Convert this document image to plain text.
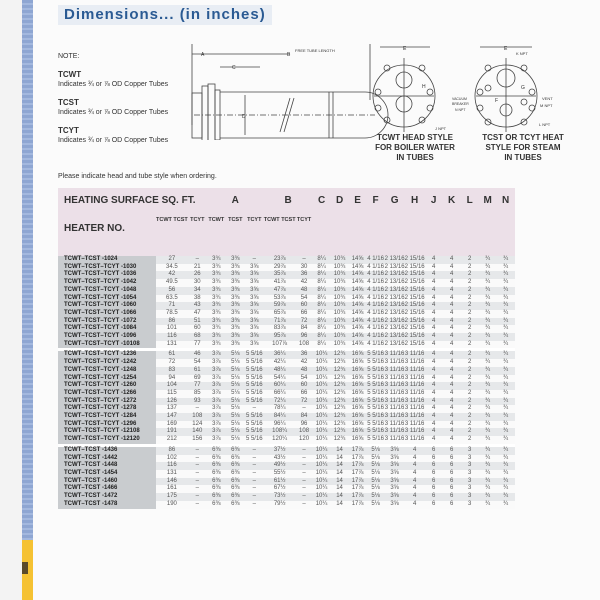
Dimensions... (in inches)
NOTE:
TCWT
Indicates ¾ or ⅞ OD Copper Tubes
TCST
Indicates ¾ or ⅞ OD Copper Tubes
TCYT
Indicates ¾ or ⅞ OD Copper Tubes
A
C
B
FREE TUBE LENGTH
D
E
H
J NPT
E
K NPT
G
F
VACUUM
BREAKER
N NPT
VENT
M NPT
L NPT
TCWT HEAD STYLE
FOR BOILER WATER
IN TUBES
TCST OR TCYT HEAT
STYLE FOR STEAM
IN TUBES
Please indicate head and tube style when ordering.
HEATING SURFACE SQ. FT.			A			B		C	D	E	F	G	H	J	K	L	M	N
HEATER NO.	TCWT TCST	TCYT	TCWT	TCST	TCYT	TCWT TCST	TCYT											
TCWT–TCST -1024	27	–	3¾	3⅜	–	23⅞	–	8¼	10¾	14⅝	4 1/16	2 13/16	2 15/16	4	4	2	¾	¾
TCWT–TCST–TCYT -1030	34.5	21	3¾	3⅜	3⅝	29⅞	30	8¼	10¾	14⅝	4 1/16	2 13/16	2 15/16	4	4	2	¾	¾
TCWT–TCST–TCYT -1036	42	26	3¾	3⅜	3⅝	35⅞	36	8¼	10¾	14⅝	4 1/16	2 13/16	2 15/16	4	4	2	¾	¾
TCWT–TCST–TCYT -1042	49.5	30	3¾	3⅜	3⅝	41⅞	42	8¼	10¾	14⅝	4 1/16	2 13/16	2 15/16	4	4	2	¾	¾
TCWT–TCST–TCYT -1048	56	34	3¾	3⅜	3⅝	47⅞	48	8¼	10¾	14⅝	4 1/16	2 13/16	2 15/16	4	4	2	¾	¾
TCWT–TCST–TCYT -1054	63.5	38	3¾	3⅜	3⅝	53⅞	54	8¼	10¾	14⅝	4 1/16	2 13/16	2 15/16	4	4	2	¾	¾
TCWT–TCST–TCYT -1060	71	43	3¾	3⅜	3⅝	59⅞	60	8¼	10¾	14⅝	4 1/16	2 13/16	2 15/16	4	4	2	¾	¾
TCWT–TCST–TCYT -1066	78.5	47	3¾	3⅜	3⅝	65⅞	66	8¼	10¾	14⅝	4 1/16	2 13/16	2 15/16	4	4	2	¾	¾
TCWT–TCST–TCYT -1072	86	51	3¾	3⅜	3⅝	71⅞	72	8¼	10¾	14⅝	4 1/16	2 13/16	2 15/16	4	4	2	¾	¾
TCWT–TCST–TCYT -1084	101	60	3¾	3⅜	3⅝	83⅞	84	8¼	10¾	14⅝	4 1/16	2 13/16	2 15/16	4	4	2	¾	¾
TCWT–TCST–TCYT -1096	116	68	3¾	3⅜	3⅝	95⅞	96	8¼	10¾	14⅝	4 1/16	2 13/16	2 15/16	4	4	2	¾	¾
TCWT–TCST–TCYT -10108	131	77	3¾	3⅜	3⅝	107⅞	108	8¼	10¾	14⅝	4 1/16	2 13/16	2 15/16	4	4	2	¾	¾

TCWT–TCST–TCYT -1236	61	46	3⅞	5⅛	5 5/16	36¼	36	10¼	12¾	16⅝	5 5/16	3 11/16	3 11/16	4	4	2	¾	¾
TCWT–TCST–TCYT -1242	72	54	3⅞	5⅛	5 5/16	42¼	42	10¼	12¾	16⅝	5 5/16	3 11/16	3 11/16	4	4	2	¾	¾
TCWT–TCST–TCYT -1248	83	61	3⅞	5⅛	5 5/16	48¼	48	10¼	12¾	16⅝	5 5/16	3 11/16	3 11/16	4	4	2	¾	¾
TCWT–TCST–TCYT -1254	94	69	3⅞	5⅛	5 5/16	54¼	54	10¼	12¾	16⅝	5 5/16	3 11/16	3 11/16	4	4	2	¾	¾
TCWT–TCST–TCYT -1260	104	77	3⅞	5⅛	5 5/16	60¼	60	10¼	12¾	16⅝	5 5/16	3 11/16	3 11/16	4	4	2	¾	¾
TCWT–TCST–TCYT -1266	115	85	3⅞	5⅛	5 5/16	66¼	66	10¼	12¾	16⅝	5 5/16	3 11/16	3 11/16	4	4	2	¾	¾
TCWT–TCST–TCYT -1272	126	93	3⅞	5⅛	5 5/16	72¼	72	10¼	12¾	16⅝	5 5/16	3 11/16	3 11/16	4	4	2	¾	¾
TCWT–TCST–TCYT -1278	137	–	3⅞	5⅛	–	78¼	–	10¼	12¾	16⅝	5 5/16	3 11/16	3 11/16	4	4	2	¾	¾
TCWT–TCST–TCYT -1284	147	108	3⅞	5⅛	5 5/16	84¼	84	10¼	12¾	16⅝	5 5/16	3 11/16	3 11/16	4	4	2	¾	¾
TCWT–TCST–TCYT -1296	169	124	3⅞	5⅛	5 5/16	96¼	96	10¼	12¾	16⅝	5 5/16	3 11/16	3 11/16	4	4	2	¾	¾
TCWT–TCST–TCYT -12108	191	140	3⅞	5⅛	5 5/16	108¼	108	10¼	12¾	16⅝	5 5/16	3 11/16	3 11/16	4	4	2	¾	¾
TCWT–TCST–TCYT -12120	212	156	3⅞	5⅛	5 5/16	120¼	120	10¼	12¾	16⅝	5 5/16	3 11/16	3 11/16	4	4	2	¾	¾

TCWT–TCST -1436	86	–	6⅜	6⅜	–	37½	–	10¼	14	17⅞	5⅛	3⅝	4	6	6	3	¾	¾
TCWT–TCST -1442	102	–	6⅜	6⅜	–	43½	–	10¼	14	17⅞	5⅛	3⅝	4	6	6	3	¾	¾
TCWT–TCST -1448	116	–	6⅜	6⅜	–	49½	–	10¼	14	17⅞	5⅛	3⅝	4	6	6	3	¾	¾
TCWT–TCST -1454	131	–	6⅜	6⅜	–	55½	–	10¼	14	17⅞	5⅛	3⅝	4	6	6	3	¾	¾
TCWT–TCST -1460	146	–	6⅜	6⅜	–	61½	–	10¼	14	17⅞	5⅛	3⅝	4	6	6	3	¾	¾
TCWT–TCST -1466	161	–	6⅜	6⅜	–	67½	–	10¼	14	17⅞	5⅛	3⅝	4	6	6	3	¾	¾
TCWT–TCST -1472	175	–	6⅜	6⅜	–	73½	–	10¼	14	17⅞	5⅛	3⅝	4	6	6	3	¾	¾
TCWT–TCST -1478	190	–	6⅜	6⅜	–	79½	–	10¼	14	17⅞	5⅛	3⅝	4	6	6	3	¾	¾
